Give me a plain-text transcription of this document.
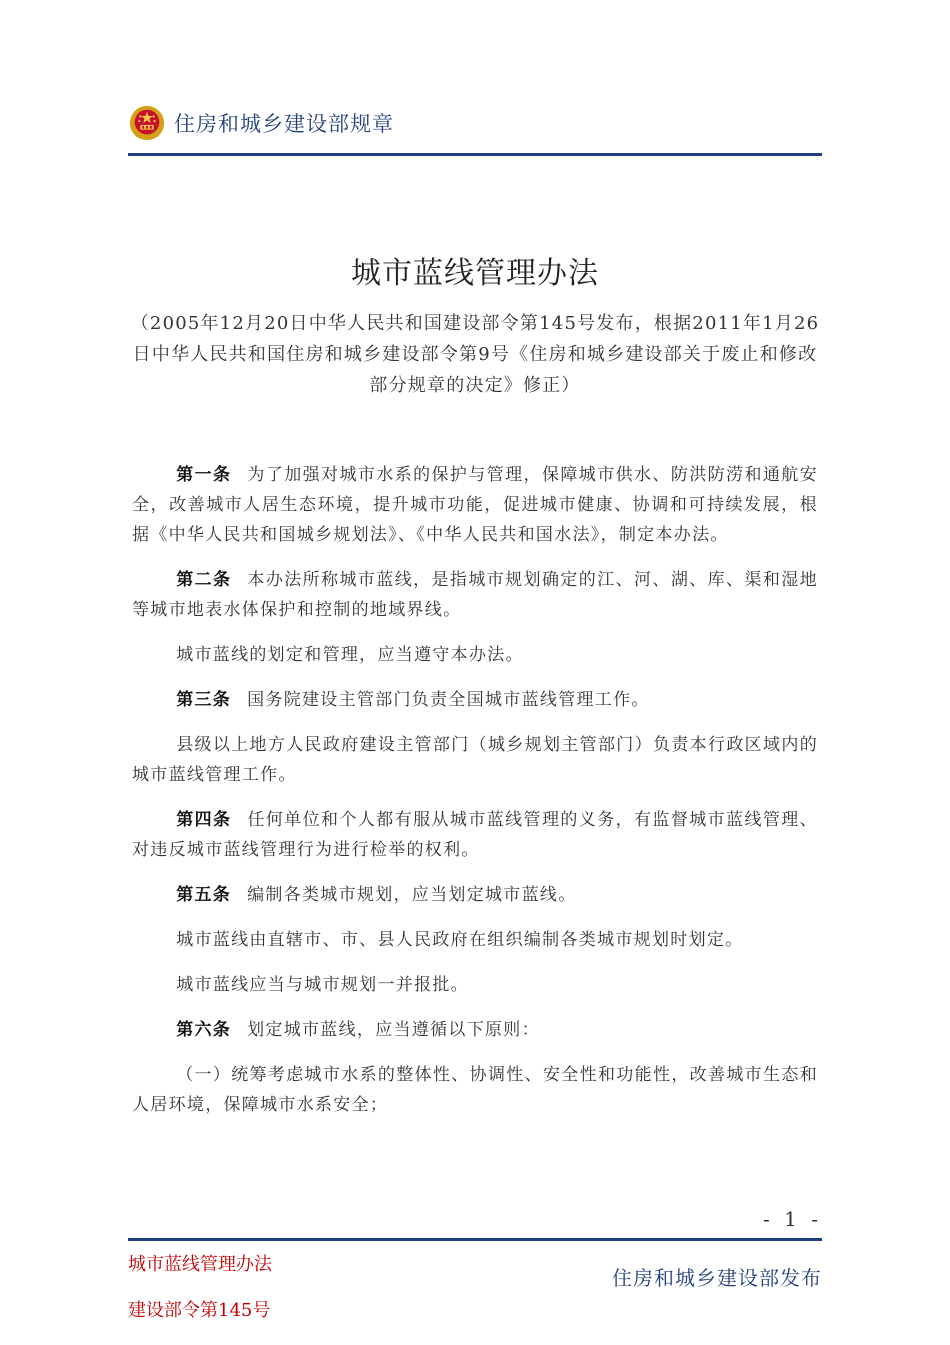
住房和城乡建设部规章
城市蓝线管理办法
（2005年12月20日中华人民共和国建设部令第145号发布，根据2011年1月26日中华人民共和国住房和城乡建设部令第9号《住房和城乡建设部关于废止和修改部分规章的决定》修正）

第一条 为了加强对城市水系的保护与管理，保障城市供水、防洪防涝和通航安全，改善城市人居生态环境，提升城市功能，促进城市健康、协调和可持续发展，根据《中华人民共和国城乡规划法》、《中华人民共和国水法》，制定本办法。

第二条 本办法所称城市蓝线，是指城市规划确定的江、河、湖、库、渠和湿地等城市地表水体保护和控制的地域界线。

城市蓝线的划定和管理，应当遵守本办法。

第三条 国务院建设主管部门负责全国城市蓝线管理工作。

县级以上地方人民政府建设主管部门（城乡规划主管部门）负责本行政区域内的城市蓝线管理工作。

第四条 任何单位和个人都有服从城市蓝线管理的义务，有监督城市蓝线管理、对违反城市蓝线管理行为进行检举的权利。

第五条 编制各类城市规划，应当划定城市蓝线。

城市蓝线由直辖市、市、县人民政府在组织编制各类城市规划时划定。

城市蓝线应当与城市规划一并报批。

第六条 划定城市蓝线，应当遵循以下原则：

（一）统筹考虑城市水系的整体性、协调性、安全性和功能性，改善城市生态和人居环境，保障城市水系安全；

- 1 -
城市蓝线管理办法
建设部令第145号
住房和城乡建设部发布
